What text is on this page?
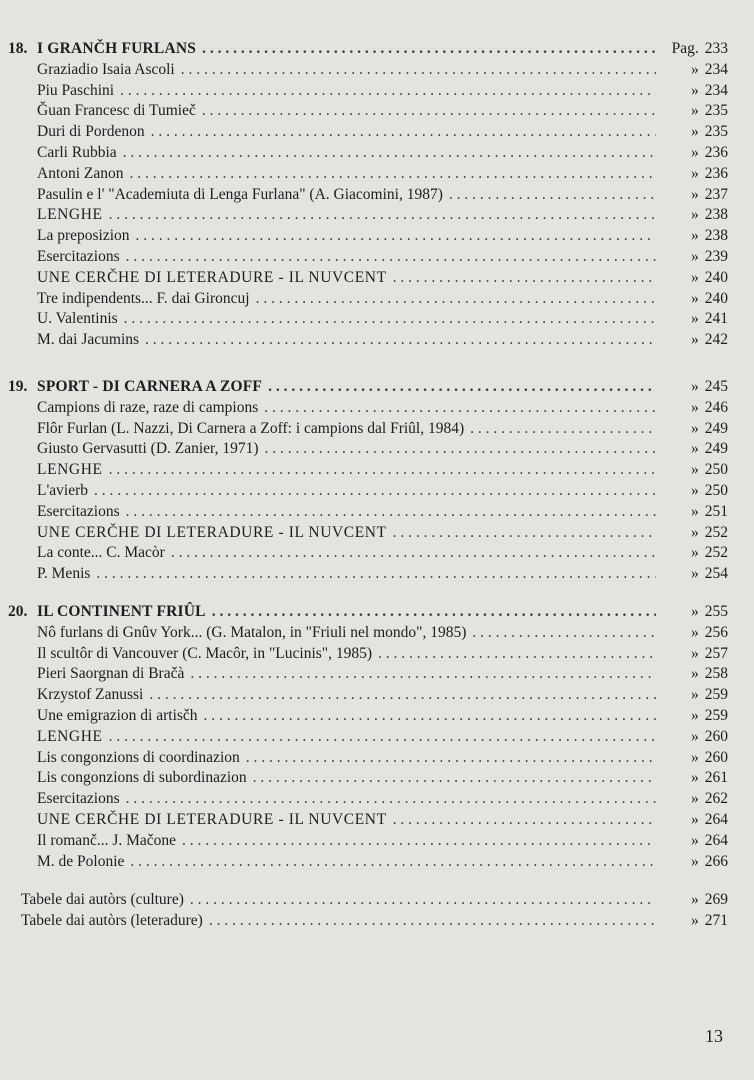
18. I GRANČH FURLANS . . .	Pag. 233
Graziadio Isaia Ascoli . . .	» 234
Piu Paschini . . .	» 234
Ğuan Francesc di Tumieč . . .	» 235
Duri di Pordenon . . .	» 235
Carli Rubbia . . .	» 236
Antoni Zanon . . .	» 236
Pasulin e l' "Academiuta di Lenga Furlana" (A. Giacomini, 1987) . . .	» 237
LENGHE . . .	» 238
La preposizion . . .	» 238
Esercitazions . . .	» 239
UNE CERČHE DI LETERADURE - IL NUVCENT . . .	» 240
Tre indipendents... F. dai Gironcuj . . .	» 240
U. Valentinis . . .	» 241
M. dai Jacumins . . .	» 242
19. SPORT - DI CARNERA A ZOFF . . .	» 245
Campions di raze, raze di campions . . .	» 246
Flôr Furlan (L. Nazzi, Di Carnera a Zoff: i campions dal Friûl, 1984) . . .	» 249
Giusto Gervasutti (D. Zanier, 1971) . . .	» 249
LENGHE . . .	» 250
L'avierb . . .	» 250
Esercitazions . . .	» 251
UNE CERČHE DI LETERADURE - IL NUVCENT . . .	» 252
La conte... C. Macòr . . .	» 252
P. Menis . . .	» 254
20. IL CONTINENT FRIÛL . . .	» 255
Nô furlans di Gnûv York... (G. Matalon, in "Friuli nel mondo", 1985) . . .	» 256
Il scultôr di Vancouver (C. Macôr, in "Lucinis", 1985) . . .	» 257
Pieri Saorgnan di Bračà . . .	» 258
Krzystof Zanussi . . .	» 259
Une emigrazion di artisčh . . .	» 259
LENGHE . . .	» 260
Lis congonzions di coordinazion . . .	» 260
Lis congonzions di subordinazion . . .	» 261
Esercitazions . . .	» 262
UNE CERČHE DI LETERADURE - IL NUVCENT . . .	» 264
Il romanč... J. Mačone . . .	» 264
M. de Polonie . . .	» 266
Tabele dai autòrs (culture) . . .	» 269
Tabele dai autòrs (leteradure) . . .	» 271
13
